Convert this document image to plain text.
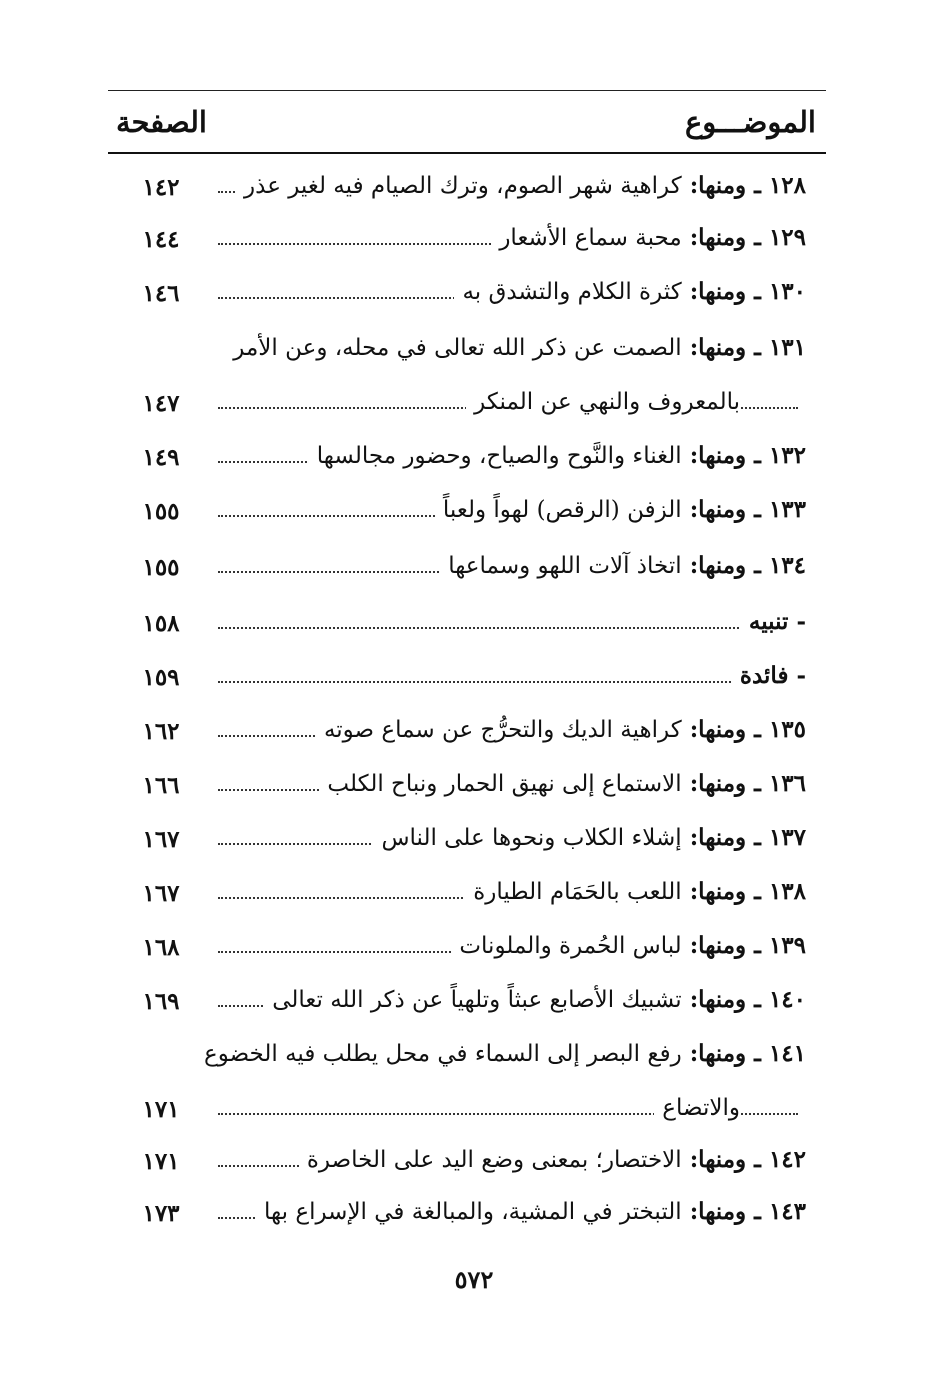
الموضـــوع
الصفحة
١٢٨ ـ ومنها: كراهية شهر الصوم، وترك الصيام فيه لغير عذر
١٤٢
١٢٩ ـ ومنها: محبة سماع الأشعار
١٤٤
١٣٠ ـ ومنها: كثرة الكلام والتشدق به
١٤٦
١٣١ ـ ومنها: الصمت عن ذكر الله تعالى في محله، وعن الأمر
بالمعروف والنهي عن المنكر
١٤٧
١٣٢ ـ ومنها: الغناء والنَّوح والصياح، وحضور مجالسها
١٤٩
١٣٣ ـ ومنها: الزفن (الرقص) لهواً ولعباً
١٥٥
١٣٤ ـ ومنها: اتخاذ آلات اللهو وسماعها
١٥٥
- تنبيه
١٥٨
- فائدة
١٥٩
١٣٥ ـ ومنها: كراهية الديك والتحرُّج عن سماع صوته
١٦٢
١٣٦ ـ ومنها: الاستماع إلى نهيق الحمار ونباح الكلب
١٦٦
١٣٧ ـ ومنها: إشلاء الكلاب ونحوها على الناس
١٦٧
١٣٨ ـ ومنها: اللعب بالحَمَام الطيارة
١٦٧
١٣٩ ـ ومنها: لباس الحُمرة والملونات
١٦٨
١٤٠ ـ ومنها: تشبيك الأصابع عبثاً وتلهياً عن ذكر الله تعالى
١٦٩
١٤١ ـ ومنها: رفع البصر إلى السماء في محل يطلب فيه الخضوع
والاتضاع
١٧١
١٤٢ ـ ومنها: الاختصار؛ بمعنى وضع اليد على الخاصرة
١٧١
١٤٣ ـ ومنها: التبختر في المشية، والمبالغة في الإسراع بها
١٧٣
٥٧٢
